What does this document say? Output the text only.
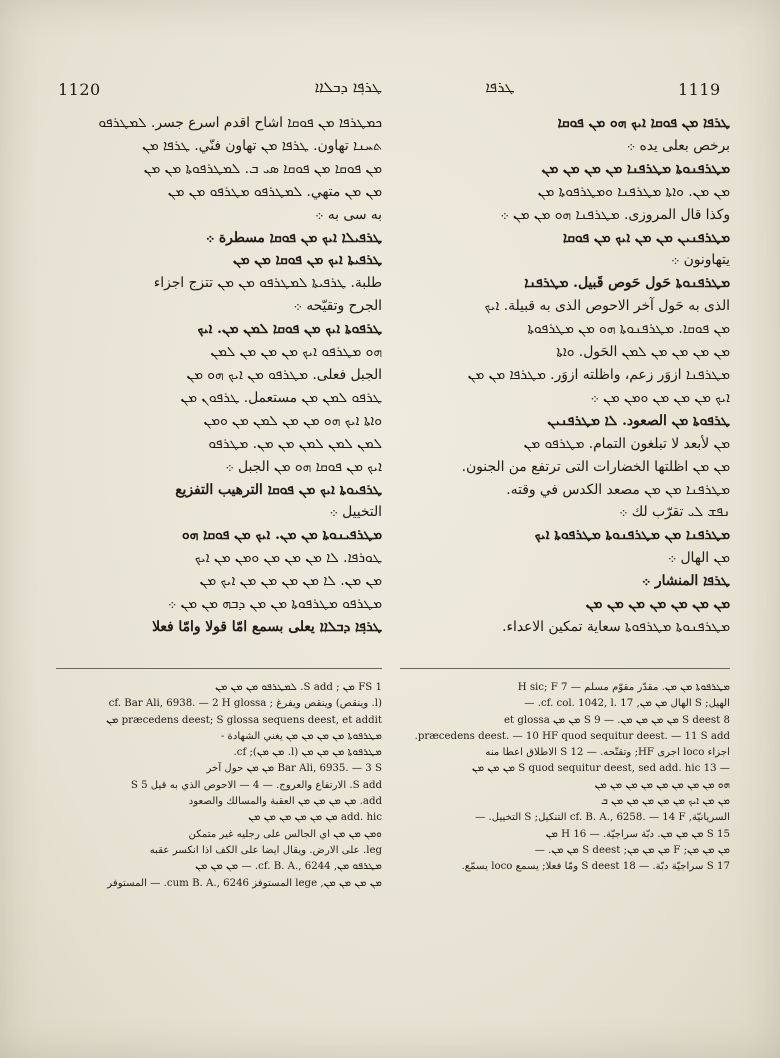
1120	ܛܪܦ݂ܐ ܕܒܠܐܐ	ܛܪܦܐ	1119
ܟܡܛܪܦܐ ܡܢ ܦܘܩܐ اشاح اقدم اسرع جسر. ܠܡܛܪܦܘ
ܬܚܢܐ تهاون. ܛܪܦܐ ܡܢ تهاون فنّي. ܛܪܦܐ ܡܢ
ܡܢ ܦܘܩܐ ܡܢ ܦܘܩܐ ܣܝ ܒ. ܠܡܛܪܦܘܬܐ ܡܢ ܡܢ
ܡܢ ܡܢ متهي. ܠܡܛܪܦܘ ܡܛܪܦܘ ܡܢ ܡܢ
به سى به ܀
ܛܪܦܝܠܐ ܐܝܟ ܡܢ ܦܘܩܐ مسطرة ܀
ܛܪܦܝܬܐ ܐܝܟ ܡܢ ܦܘܩܐ ܡܢ ܡܢ
طلبة. ܛܪܦܝܬܐ ܠܡܛܪܦܘ ܡܢ ܡܢ تتزج اجزاء
الجرح وتقيّحه ܀
ܛܪܦܘܬܐ ܐܝܟ ܡܢ ܦܘܩܐ ܠܡܢ ܡܢ. ܐܝܟ
ܗܘ ܡܛܪܦܘ ܐܝܟ ܡܢ ܡܢ ܡܢ ܠܡܢ
الجبل فعلى. ܡܛܪܦܘ ܡܢ ܐܝܟ ܗܘ ܡܢ
ܛܪܦܘ ܠܡܢ ܡܢ مستعمل. ܛܪܦܘܢ ܡܢ
ܘܐܬܐ ܐܝܟ ܗܘ ܡܢ ܡܢ ܠܡܢ ܡܢ ܘܡܢ
ܠܡܢ ܠܡܢ ܠܡܢ ܡܢ ܡܢ. ܡܛܪܦܘ
ܐܝܟ ܡܢ ܦܘܩܐ ܗܘ ܡܢ الجبل ܀
ܛܪܦܝܘܬܐ ܐܝܟ ܡܢ ܦܘܩܐ الترهيب التفزيع
التخييل ܀
ܡܛܪܦܝܢܘܬܐ ܡܢ ܡܢ. ܐܝܟ ܡܢ ܦܘܩܐ ܗܘ
ܛܘܪܦܐ. ܠܐ ܡܢ ܡܢ ܡܢ ܘܡܢ ܡܢ ܐܝܟ
ܡܢ ܡܢ. ܠܐ ܡܢ ܡܢ ܡܢ ܡܢ ܐܝܟ ܡܢ
ܡܛܪܦܘ ܡܛܪܦܘܬܐ ܡܢ ܡܢ ܕܒܗ ܡܢ ܡܢ ܀
ܛܪܦ݂ܐ ܕܒܠܐܐ يعلى بسمع امّا قولا وامّا فعلا
ܛܪܦܐ ܡܢ ܦܘܩܐ ܐܝܟ ܗܘ ܡܢ ܦܘܩܐ
برخص بعلى يده ܀
ܡܛܪܦܢܘܬܐ ܡܛܪܦܢܐ ܡܢ ܡܢ ܡܢ ܡܢ
ܡܢ ܡܢ. ܘܐܬܐ ܡܛܪܦܢܐ ܘܡܛܪܦܘܬܐ ܡܢ
وكذا قال المروزى. ܡܛܪܦܢܐ ܗܘ ܡܢ ܡܢ ܀
ܡܛܪܦܢܝܢ ܡܢ ܡܢ ܐܝܟ ܡܢ ܦܘܩܐ
يتهاونون ܀
ܡܛܪܦܢܘܬܐ حَول حَوص قَبيل. ܡܛܪܦܢܐ
الذى به حَول آخر الاحوص الذى به قبيلة. ܐܝܟ
ܡܢ ܦܘܩܐ. ܡܛܪܦܢܘܬܐ ܗܘ ܡܢ ܡܛܪܦܘܬܐ
ܡܢ ܡܢ ܡܢ ܡܢ ܠܡܢ الحَول. ܘܐܬܐ
ܡܛܪܦܢܐ ازوَر زعم، واظلته ازوَر. ܡܛܪܦܐ ܡܢ ܡܢ
ܐܝܟ ܡܢ ܡܢ ܡܢ ܘܡܢ ܡܢ ܀
ܛܪܦܘܬܐ ܡܢ الصعود. ܠܐ ܡܛܪܦܢܝܢ
ܡܢ لأبعد لا تبلغون التمام. ܡܛܪܦܘ ܡܢ
ܡܢ ܡܢ اظلتها الخضارات التى ترتفع من الجنون.
ܡܛܪܦܢܐ ܡܢ ܡܢ مصعد الكدس في وقته.
ܢܦܫ ܠܝ تقرّب لك ܀
ܡܛܪܦܢܐ ܡܢ ܡܛܪܦܢܘܬܐ ܡܛܪܦܘܬܐ ܐܝܟ
ܡܢ الهال ܀
ܛܪܦܐ المنشار ܀
ܡܢ ܡܢ ܡܢ ܡܢ ܡܢ ܡܢ ܡܢ
ܡܛܪܦܢܘܬܐ ܡܛܪܦܘܬܐ سعاية تمكين الاعداء.
1 FS ܡܢ ; S add. ܠܡܛܪܦܘ ܡܢ ܡܢ ܡܢ
(l. وينقص) وينقص ويفرغ ; cf. Bar Ali, 6938. — 2 H glossa
præcedens deest; S glossa sequens deest, et addit ܡܢ
ܡܛܪܦܘܬܐ ܡܢ ܡܢ ܡܢ ܡܢ يغني الشهادة -
ܡܛܪܦܘܬܐ ܡܢ ܡܢ ܡܢ (l. ܡܢ ܡܢ); cf.
Bar Ali, 6935. — 3 S ܡܢ ܡܢ حول آخر
S add. الارتفاع والعروج. — 4 — الاحوص الذي به قيل 5 S
add. ܡܢ ܡܢ ܡܢ ܡܢ العقبة والمسالك والصعود
add. hic ܡܢ ܡܢ ܡܢ ܡܢ ܡܢ ܡܢ
ܘܡܢ ܡܢ ܡܢ اي الجالس على رجليه غير متمكن
leg. على الارض. ويقال ايضا على الكف اذا انكسر عقبه
ܡܛܪܦܘ ܡܢ, cf. B. A., 6244. — ܡܢ ܡܢ ܡܢ
ܡܢ ܡܢ ܡܢ ܡܢ, lege المستوفز cum B. A., 6246. — المستوفر
ܡܛܪܦܘܬܐ ܡܢ ܡܢ. مقدّر مقوّم مسلم — 7 H sic; F
الهيل; S الهال ܡܢ ܡܢ, cf. col. 1042, l. 17. —
8 S deest ܡܢ ܡܢ ܡܢ ܡܢ. — 9 S ܡܢ ܡܢ et glossa
præcedens deest. — 10 HF quod sequitur deest. — 11 S add.
اجزاء loco اجرى HF; وتقتّحه. — 12 S الاطلاق اعطا منه
— 13 S quod sequitur deest, sed add. hic ܡܢ ܡܢ ܡܢ
ܗܘ ܡܢ ܡܢ ܡܢ ܡܢ ܡܢ ܡܢ ܡܢ ܡܢ
ܡܢ ܡܢ ܐܝܟ ܡܢ ܡܢ ܡܢ ܡܢ ܡܢ ܒ
السريانيّة, cf. B. A., 6258. — 14 F التنكيل; S التخييل. —
15 S ܡܢ ܡܢ ܡܢ. دبّة سراجيّة. — 16 H ܡܢ
ܡܢ ܡܢ ܡܢ; F ܡܢ ܡܢ ܡܢ; S deest ܡܢ ܡܢ. —
17 S سراجيّة دبّة. — 18 S deest ومّا فعلا; يسمع loco يسمّع.
